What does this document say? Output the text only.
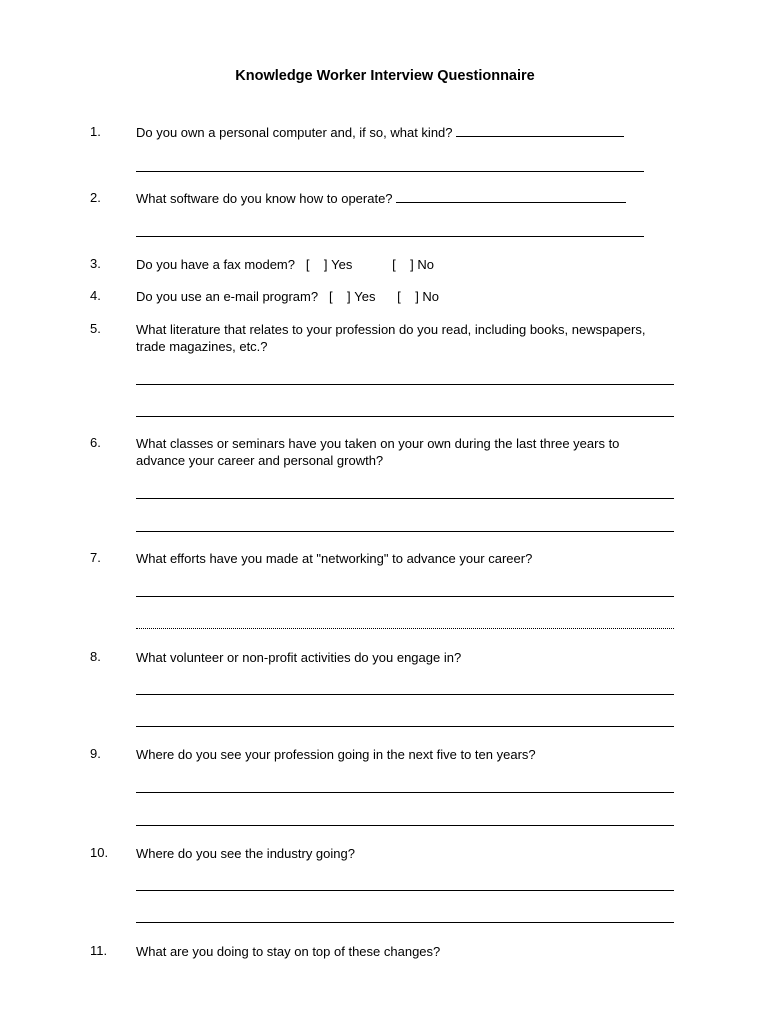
Knowledge Worker Interview Questionnaire
1.	Do you own a personal computer and, if so, what kind?
2.	What software do you know how to operate?
3.	Do you have a fax modem?   [    ] Yes           [    ] No
4.	Do you use an e-mail program?   [    ] Yes      [    ] No
5.	What literature that relates to your profession do you read, including books, newspapers,
trade magazines, etc.?
6.	What classes or seminars have you taken on your own during the last three years to
advance your career and personal growth?
7.	What efforts have you made at "networking" to advance your career?
8.	What volunteer or non-profit activities do you engage in?
9.	Where do you see your profession going in the next five to ten years?
10. Where do you see the industry going?
11. What are you doing to stay on top of these changes?
